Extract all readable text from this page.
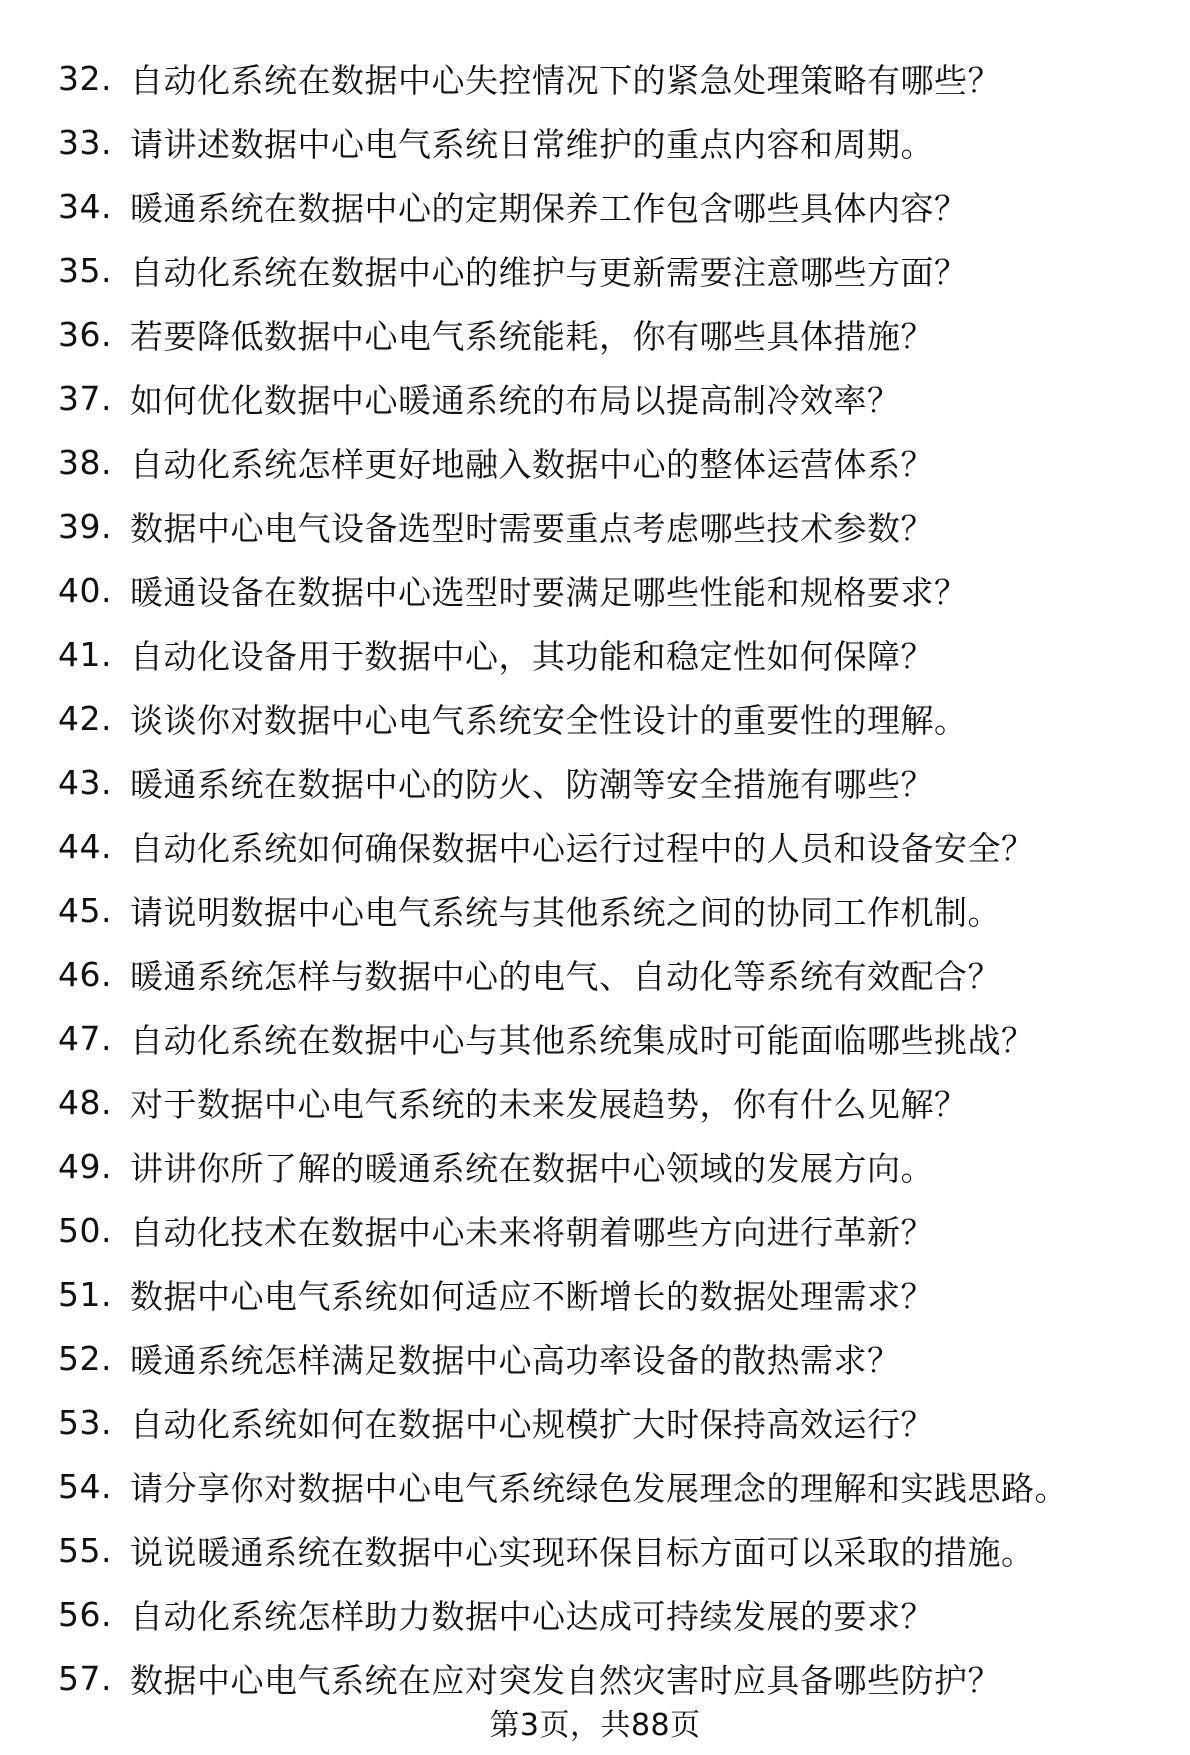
32. 自动化系统在数据中心失控情况下的紧急处理策略有哪些？
33. 请讲述数据中心电气系统日常维护的重点内容和周期。
34. 暖通系统在数据中心的定期保养工作包含哪些具体内容？
35. 自动化系统在数据中心的维护与更新需要注意哪些方面？
36. 若要降低数据中心电气系统能耗，你有哪些具体措施？
37. 如何优化数据中心暖通系统的布局以提高制冷效率？
38. 自动化系统怎样更好地融入数据中心的整体运营体系？
39. 数据中心电气设备选型时需要重点考虑哪些技术参数？
40. 暖通设备在数据中心选型时要满足哪些性能和规格要求？
41. 自动化设备用于数据中心，其功能和稳定性如何保障？
42. 谈谈你对数据中心电气系统安全性设计的重要性的理解。
43. 暖通系统在数据中心的防火、防潮等安全措施有哪些？
44. 自动化系统如何确保数据中心运行过程中的人员和设备安全？
45. 请说明数据中心电气系统与其他系统之间的协同工作机制。
46. 暖通系统怎样与数据中心的电气、自动化等系统有效配合？
47. 自动化系统在数据中心与其他系统集成时可能面临哪些挑战？
48. 对于数据中心电气系统的未来发展趋势，你有什么见解？
49. 讲讲你所了解的暖通系统在数据中心领域的发展方向。
50. 自动化技术在数据中心未来将朝着哪些方向进行革新？
51. 数据中心电气系统如何适应不断增长的数据处理需求？
52. 暖通系统怎样满足数据中心高功率设备的散热需求？
53. 自动化系统如何在数据中心规模扩大时保持高效运行？
54. 请分享你对数据中心电气系统绿色发展理念的理解和实践思路。
55. 说说暖通系统在数据中心实现环保目标方面可以采取的措施。
56. 自动化系统怎样助力数据中心达成可持续发展的要求？
57. 数据中心电气系统在应对突发自然灾害时应具备哪些防护？
第3页，共88页
